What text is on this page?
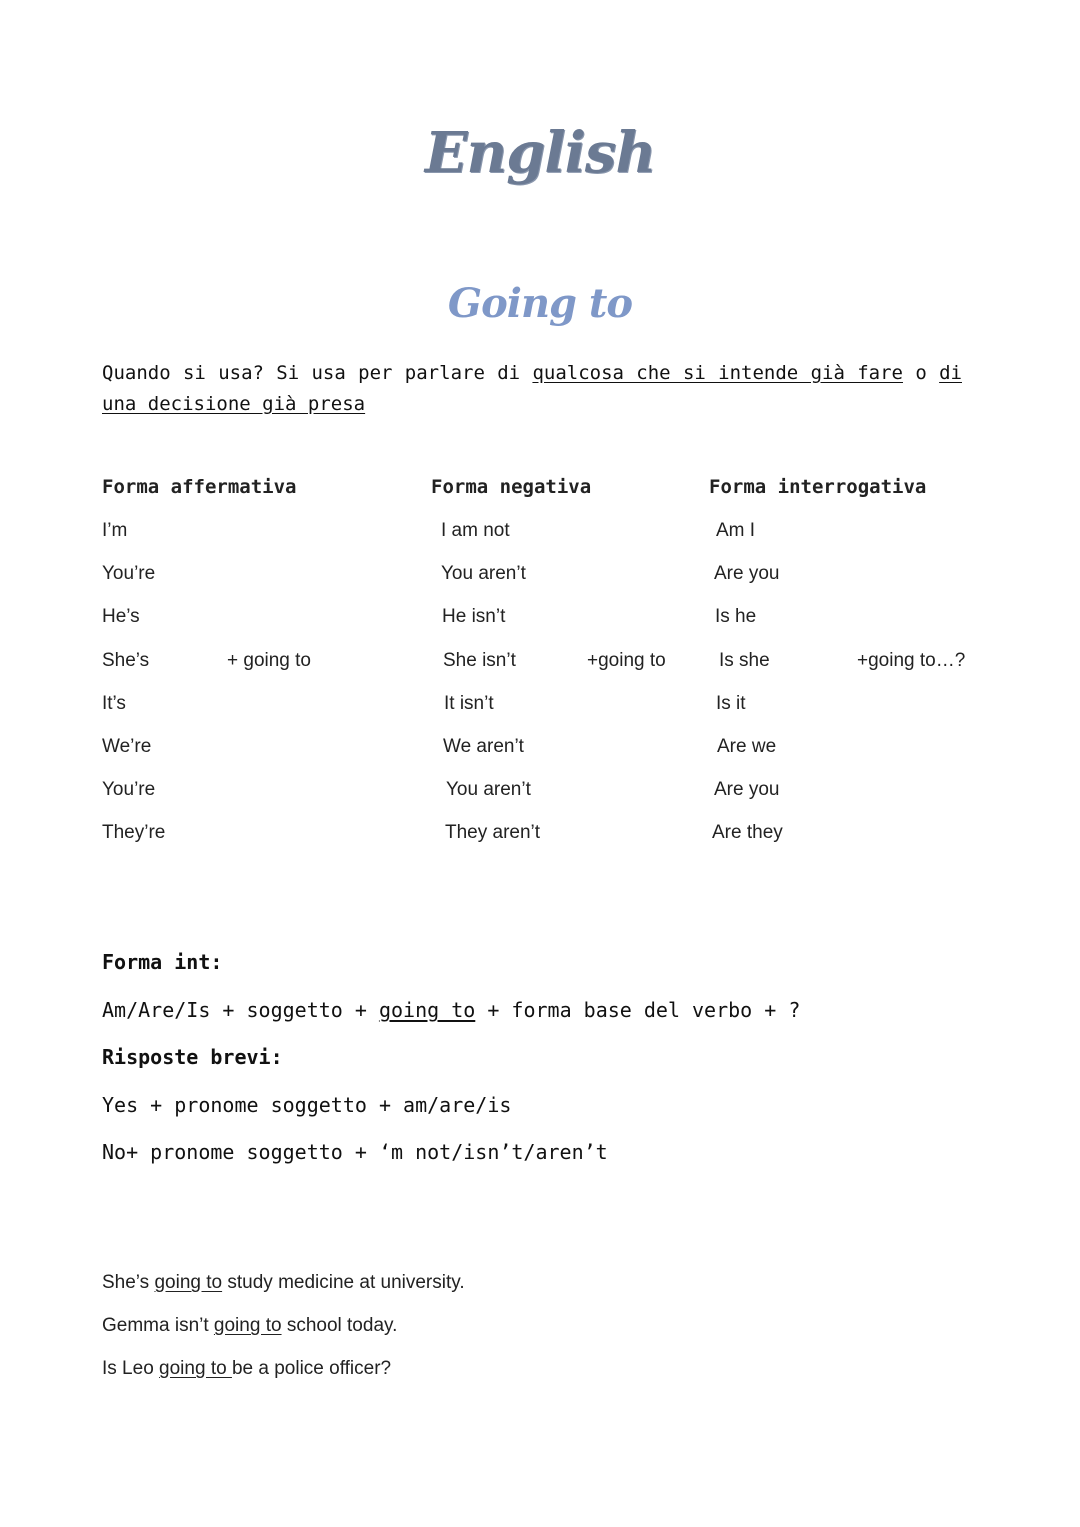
English
Going to
Quando si usa? Si usa per parlare di qualcosa che si intende già fare o di una decisione già presa
Forma affermativa	Forma negativa	Forma interrogativa
I’m
You’re
He’s
She’s
It’s
We’re
You’re
They’re
+ going to
I am not
You aren’t
He isn’t
She isn’t
It isn’t
We aren’t
You aren’t
They aren’t
+going to
Am I
Are you
Is he
Is she
Is it
Are we
Are you
Are they
+going to…?
Forma int:
Am/Are/Is + soggetto + going to + forma base del verbo + ?
Risposte brevi:
Yes + pronome soggetto + am/are/is
No+ pronome soggetto + ‘m not/isn’t/aren’t
She’s going to study medicine at university.
Gemma isn’t going to school today.
Is Leo going to be a police officer?
